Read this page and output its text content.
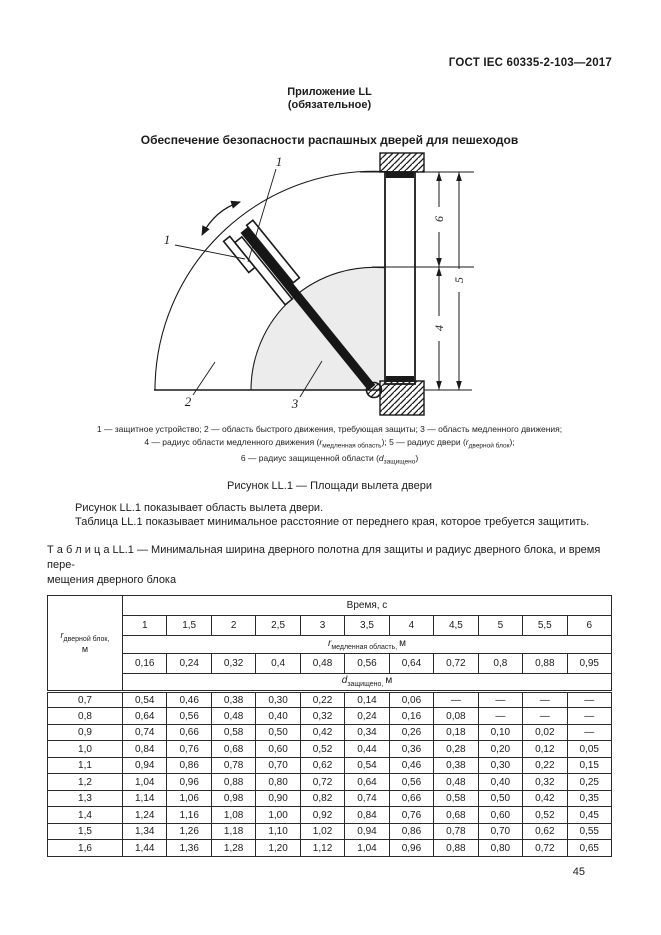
ГОСТ IEC 60335-2-103—2017
Приложение LL
(обязательное)
Обеспечение безопасности распашных дверей для пешеходов
6
4
5
1
1
2	3
1 — защитное устройство; 2 — область быстрого движения, требующая защиты; 3 — область медленного движения;
4 — радиус области медленного движения $(r_{медленная область})$; 5 — радиус двери $(r_{дверной блок})$;
6 — радиус защищенной области $(d_{защищено})$
Рисунок LL.1 — Площади вылета двери

Рисунок LL.1 показывает область вылета двери.

Таблица LL.1 показывает минимальное расстояние от переднего края, которое требуется защитить.

Т а б л и ц а LL.1 — Минимальная ширина дверного полотна для защиты и радиус дверного блока, и время пере-
мещения дверного блока
$r_{дверной блок,}$
м	Время, с										
	1	1,5	2	2,5	3	3,5	4	4,5	5	5,5	6
	$r_{медленная область,}$ м										
	0,16	0,24	0,32	0,4	0,48	0,56	0,64	0,72	0,8	0,88	0,95
	$d_{защищено,}$ м										
0,7	0,54	0,46	0,38	0,30	0,22	0,14	0,06	—	—	—	—
0,8	0,64	0,56	0,48	0,40	0,32	0,24	0,16	0,08	—	—	—
0,9	0,74	0,66	0,58	0,50	0,42	0,34	0,26	0,18	0,10	0,02	—
1,0	0,84	0,76	0,68	0,60	0,52	0,44	0,36	0,28	0,20	0,12	0,05
1,1	0,94	0,86	0,78	0,70	0,62	0,54	0,46	0,38	0,30	0,22	0,15
1,2	1,04	0,96	0,88	0,80	0,72	0,64	0,56	0,48	0,40	0,32	0,25
1,3	1,14	1,06	0,98	0,90	0,82	0,74	0,66	0,58	0,50	0,42	0,35
1,4	1,24	1,16	1,08	1,00	0,92	0,84	0,76	0,68	0,60	0,52	0,45
1,5	1,34	1,26	1,18	1,10	1,02	0,94	0,86	0,78	0,70	0,62	0,55
1,6	1,44	1,36	1,28	1,20	1,12	1,04	0,96	0,88	0,80	0,72	0,65
45
